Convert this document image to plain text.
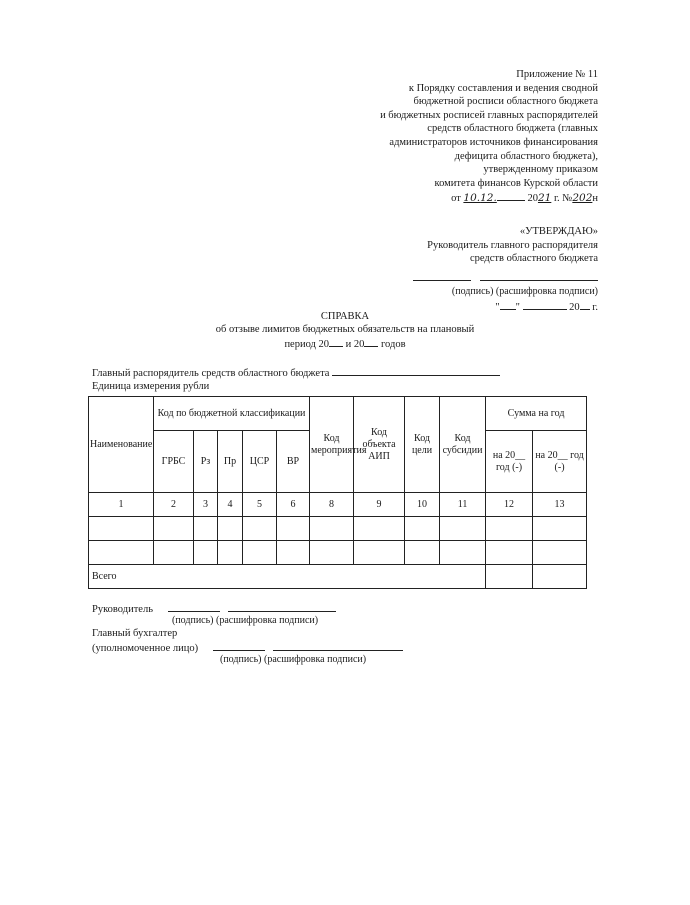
Приложение № 11
к Порядку составления и ведения сводной
бюджетной росписи областного бюджета
и бюджетных росписей главных распорядителей
средств областного бюджета (главных
администраторов источников финансирования
дефицита областного бюджета),
утвержденному приказом
комитета финансов Курской области
от 10.12.	2021 г. №202н
«УТВЕРЖДАЮ»
Руководитель главного распорядителя
средств областного бюджета

(подпись) (расшифровка подписи)
" "	20 г.
СПРАВКА
об отзыве лимитов бюджетных обязательств на плановый
период 20 и 20 годов
Главный распорядитель средств областного бюджета
Единица измерения рубли
Наименование	Код по бюджетной классификации					Код мероприятия	Код объекта АИП	Код цели	Код субсидии	Сумма на год	
	ГРБС	Рз	Пр	ЦСР	ВР					на 20__ год (-)	на 20__ год (-)
1	2	3	4	5	6	8	9	10	11	12	13

Всего											
Руководитель
(подпись) (расшифровка подписи)
Главный бухгалтер
(уполномоченное лицо)
(подпись) (расшифровка подписи)
